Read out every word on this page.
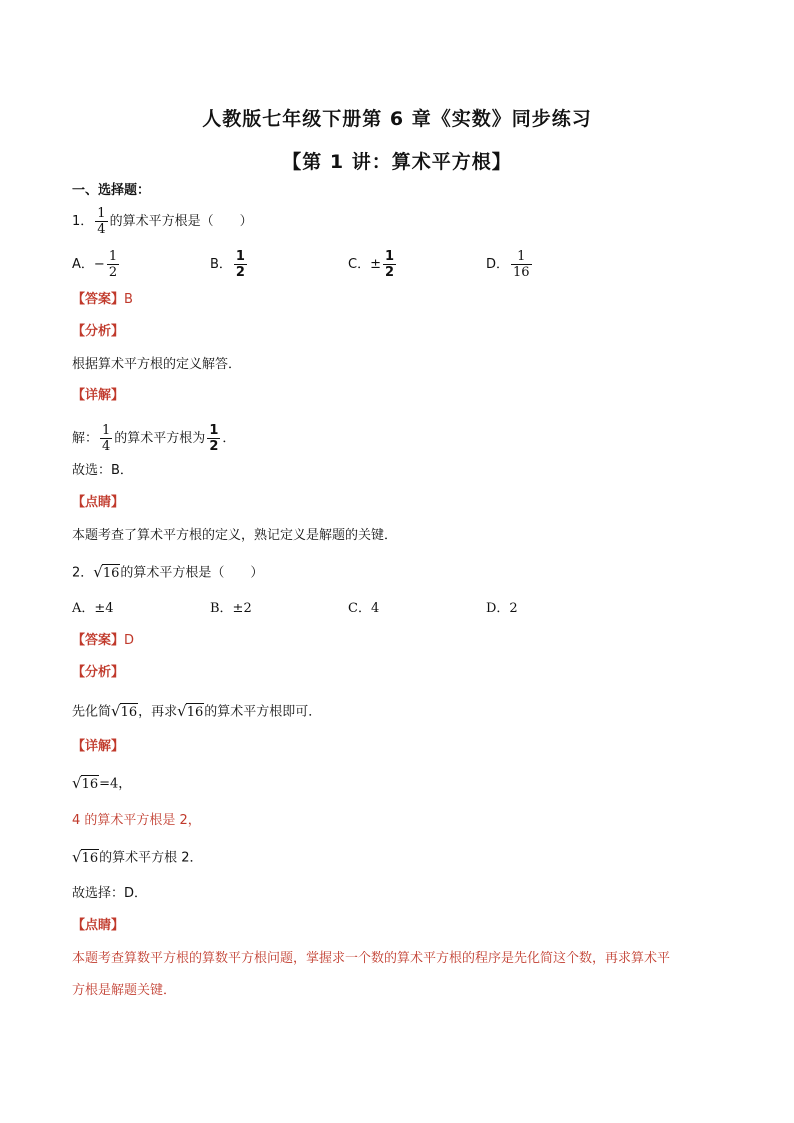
人教版七年级下册第 6 章《实数》同步练习
【第 1 讲：算术平方根】
一、选择题：
1． $\frac{1}{4}$ 的算术平方根是（　　）
A．− $\frac{1}{2}$	B． $\frac{1}{2}$	C．± $\frac{1}{2}$	D． $\frac{1}{16}$
【答案】B
【分析】
根据算术平方根的定义解答．
【详解】
解： $\frac{1}{4}$ 的算术平方根为 $\frac{1}{2}$ ．
故选：B．
【点睛】
本题考查了算术平方根的定义，熟记定义是解题的关键．
2．√16的算术平方根是（　　）
A．±4	B．±2	C．4	D．2
【答案】D
【分析】
先化简√16，再求√16的算术平方根即可．
【详解】
√16=4，
4 的算术平方根是 2，
√16的算术平方根 2．
故选择：D．
【点睛】
本题考查算数平方根的算数平方根问题，掌握求一个数的算术平方根的程序是先化简这个数，再求算术平
方根是解题关键．
